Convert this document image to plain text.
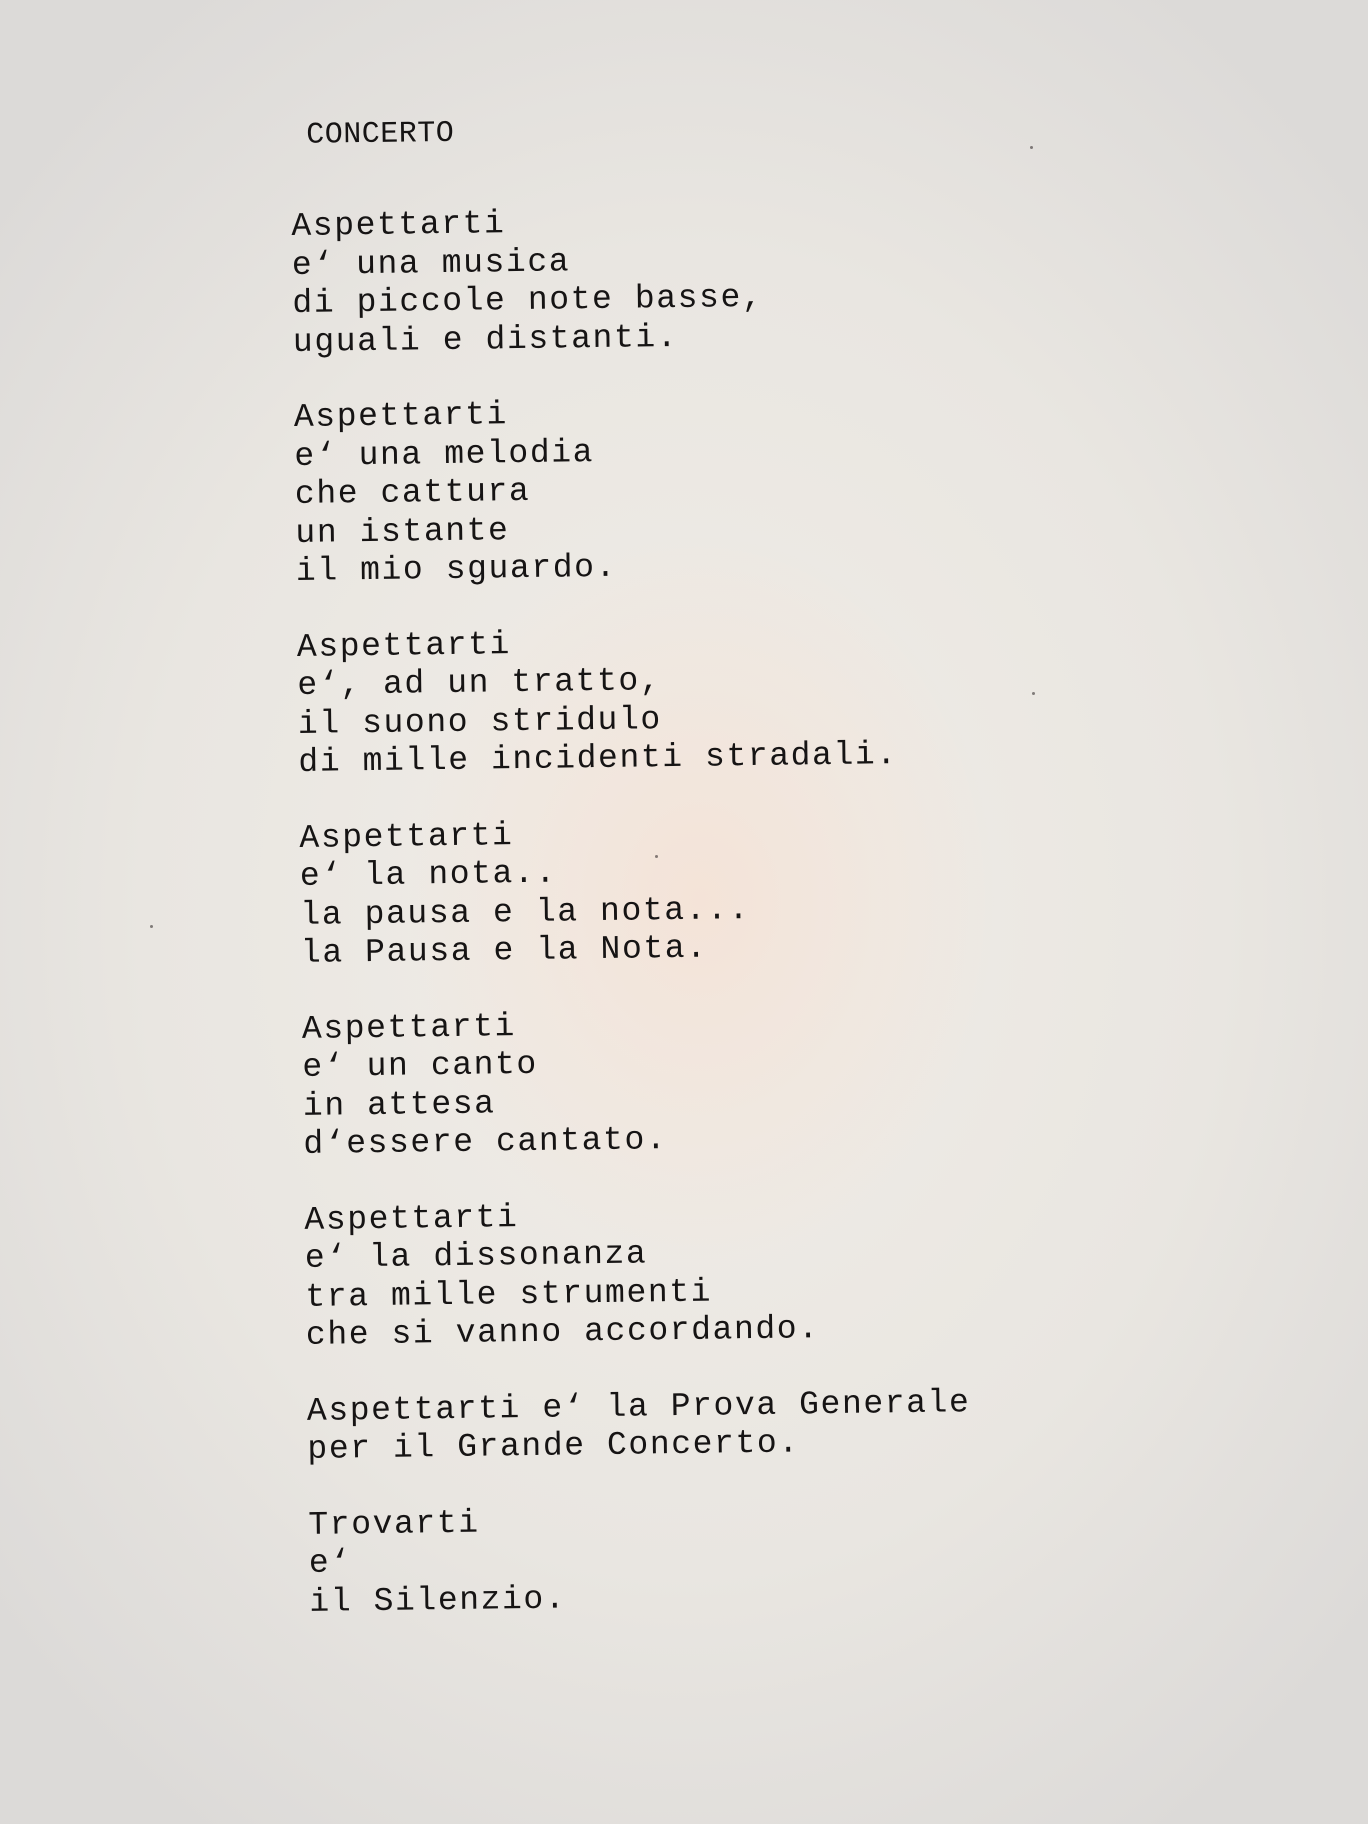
CONCERTO
Aspettarti
e‘ una musica
di piccole note basse,
uguali e distanti.
Aspettarti
e‘ una melodia
che cattura
un istante
il mio sguardo.
Aspettarti
e‘, ad un tratto,
il suono stridulo
di mille incidenti stradali.
Aspettarti
e‘ la nota..
la pausa e la nota...
la Pausa e la Nota.
Aspettarti
e‘ un canto
in attesa
d‘essere cantato.
Aspettarti
e‘ la dissonanza
tra mille strumenti
che si vanno accordando.
Aspettarti e‘ la Prova Generale
per il Grande Concerto.
Trovarti
e‘
il Silenzio.
